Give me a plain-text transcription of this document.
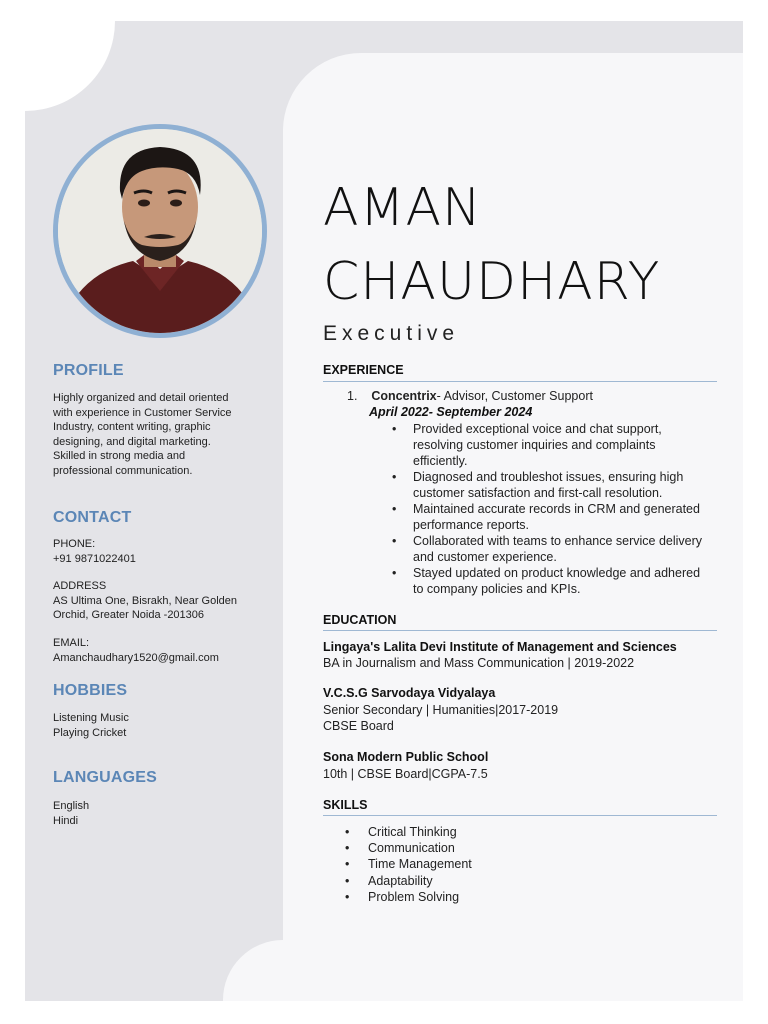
PROFILE
Highly organized and detail oriented
with experience in Customer Service
Industry, content writing, graphic
designing, and digital marketing.
Skilled in strong media and
professional communication.
CONTACT
PHONE:
+91 9871022401
ADDRESS
AS Ultima One, Bisrakh, Near Golden
Orchid, Greater Noida -201306
EMAIL:
Amanchaudhary1520@gmail.com
HOBBIES
Listening Music
Playing Cricket
LANGUAGES
English
Hindi
AMAN
CHAUDHARY
Executive
EXPERIENCE
1. Concentrix- Advisor, Customer Support
April 2022- September 2024
• Provided exceptional voice and chat support, resolving customer inquiries and complaints efficiently.
• Diagnosed and troubleshot issues, ensuring high customer satisfaction and first-call resolution.
• Maintained accurate records in CRM and generated performance reports.
• Collaborated with teams to enhance service delivery and customer experience.
• Stayed updated on product knowledge and adhered to company policies and KPIs.
EDUCATION
Lingaya's Lalita Devi Institute of Management and Sciences
BA in Journalism and Mass Communication | 2019-2022
V.C.S.G Sarvodaya Vidyalaya
Senior Secondary | Humanities|2017-2019
CBSE Board
Sona Modern Public School
10th | CBSE Board|CGPA-7.5
SKILLS
• Critical Thinking
• Communication
• Time Management
• Adaptability
• Problem Solving
